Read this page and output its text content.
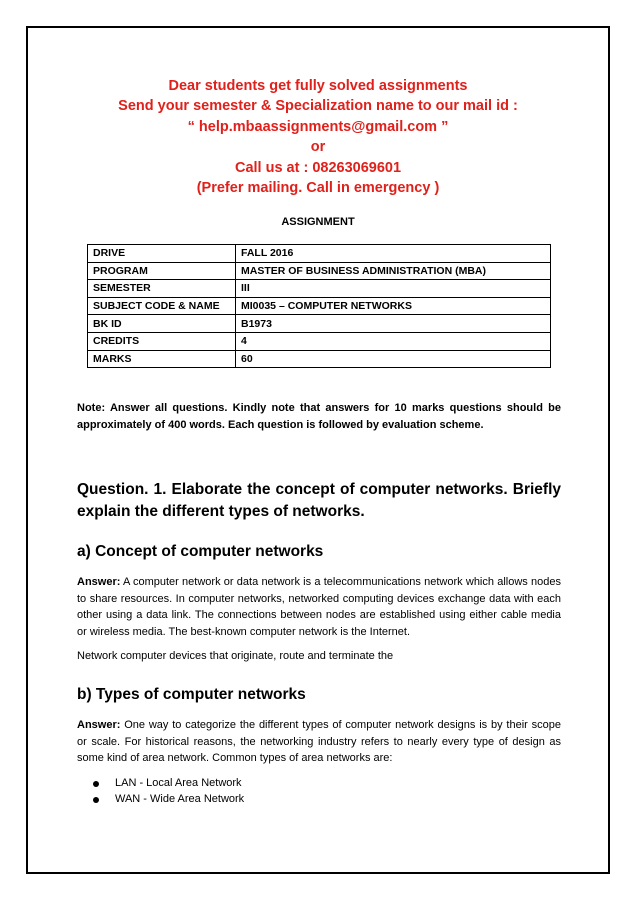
Dear students get fully solved assignments
Send your semester & Specialization name to our mail id :
“ help.mbaassignments@gmail.com ”
or
Call us at : 08263069601
(Prefer mailing. Call in emergency )
ASSIGNMENT
DRIVE	FALL 2016
PROGRAM	MASTER OF BUSINESS ADMINISTRATION (MBA)
SEMESTER	III
SUBJECT CODE & NAME	MI0035 – COMPUTER NETWORKS
BK ID	B1973
CREDITS	4
MARKS	60
Note: Answer all questions. Kindly note that answers for 10 marks questions should be approximately of 400 words. Each question is followed by evaluation scheme.
Question. 1. Elaborate the concept of computer networks. Briefly explain the different types of networks.
a) Concept of computer networks
Answer: A computer network or data network is a telecommunications network which allows nodes to share resources. In computer networks, networked computing devices exchange data with each other using a data link. The connections between nodes are established using either cable media or wireless media. The best-known computer network is the Internet.
Network computer devices that originate, route and terminate the
b) Types of computer networks
Answer: One way to categorize the different types of computer network designs is by their scope or scale. For historical reasons, the networking industry refers to nearly every type of design as some kind of area network. Common types of area networks are:
LAN - Local Area Network
WAN - Wide Area Network
